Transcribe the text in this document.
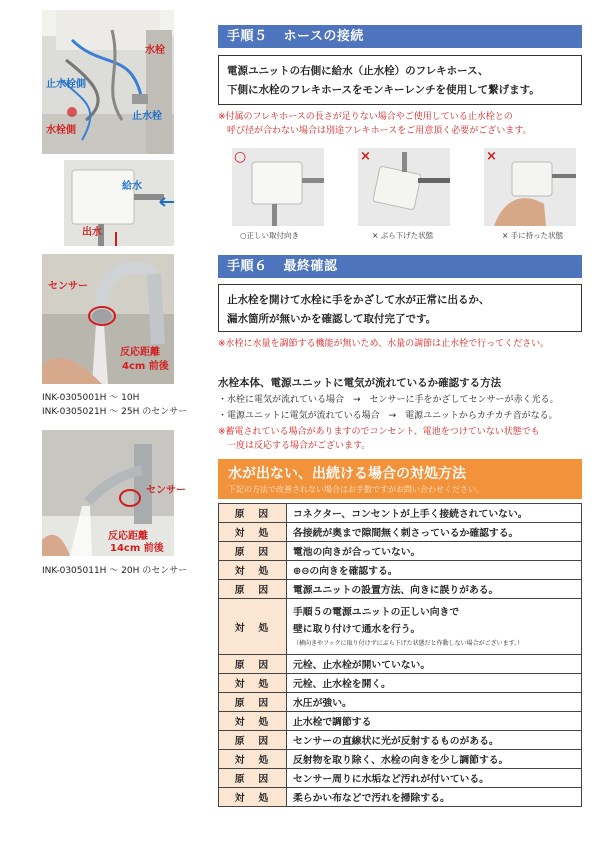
水栓
止水栓側
止水栓
水栓側
給水
出水
センサー
反応距離
4cm 前後
INK-0305001H ～ 10H
INK-0305021H ～ 25H のセンサー
センサー
反応距離
14cm 前後
INK-0305011H ～ 20H のセンサー
手順５ ホースの接続
電源ユニットの右側に給水（止水栓）のフレキホース、
下側に水栓のフレキホースをモンキーレンチを使用して繋げます。
※付属のフレキホースの長さが足りない場合やご使用している止水栓との
　呼び径が合わない場合は別途フレキホースをご用意頂く必要がございます。
○
○正しい取付向き
×
× ぶら下げた状態
×
× 手に持った状態
手順６ 最終確認
止水栓を開けて水栓に手をかざして水が正常に出るか、
漏水箇所が無いかを確認して取付完了です。
※水栓に水量を調節する機能が無いため、水量の調節は止水栓で行ってください。
水栓本体、電源ユニットに電気が流れているか確認する方法
・水栓に電気が流れている場合　→　センサーに手をかざしてセンサーが赤く光る。
・電源ユニットに電気が流れている場合　→　電源ユニットからカチカチ音がなる。
※蓄電されている場合がありますのでコンセント、電池をつけていない状態でも
　一度は反応する場合がございます。
水が出ない、出続ける場合の対処方法
下記の方法で改善されない場合はお手数ですがお問い合わせください。
原　因	コネクター、コンセントが上手く接続されていない。
対　処	各接続が奥まで隙間無く刺さっているか確認する。
原　因	電池の向きが合っていない。
対　処	⊕⊖の向きを確認する。
原　因	電源ユニットの設置方法、向きに誤りがある。
対　処	手順５の電源ユニットの正しい向きで
壁に取り付けて通水を行う。
（横向きやフックに取り付けずにぶら下げた状態だと作動しない場合がございます。）

原　因	元栓、止水栓が開いていない。
対　処	元栓、止水栓を開く。
原　因	水圧が強い。
対　処	止水栓で調節する
原　因	センサーの直線状に光が反射するものがある。
対　処	反射物を取り除く、水栓の向きを少し調節する。
原　因	センサー周りに水垢など汚れが付いている。
対　処	柔らかい布などで汚れを掃除する。
